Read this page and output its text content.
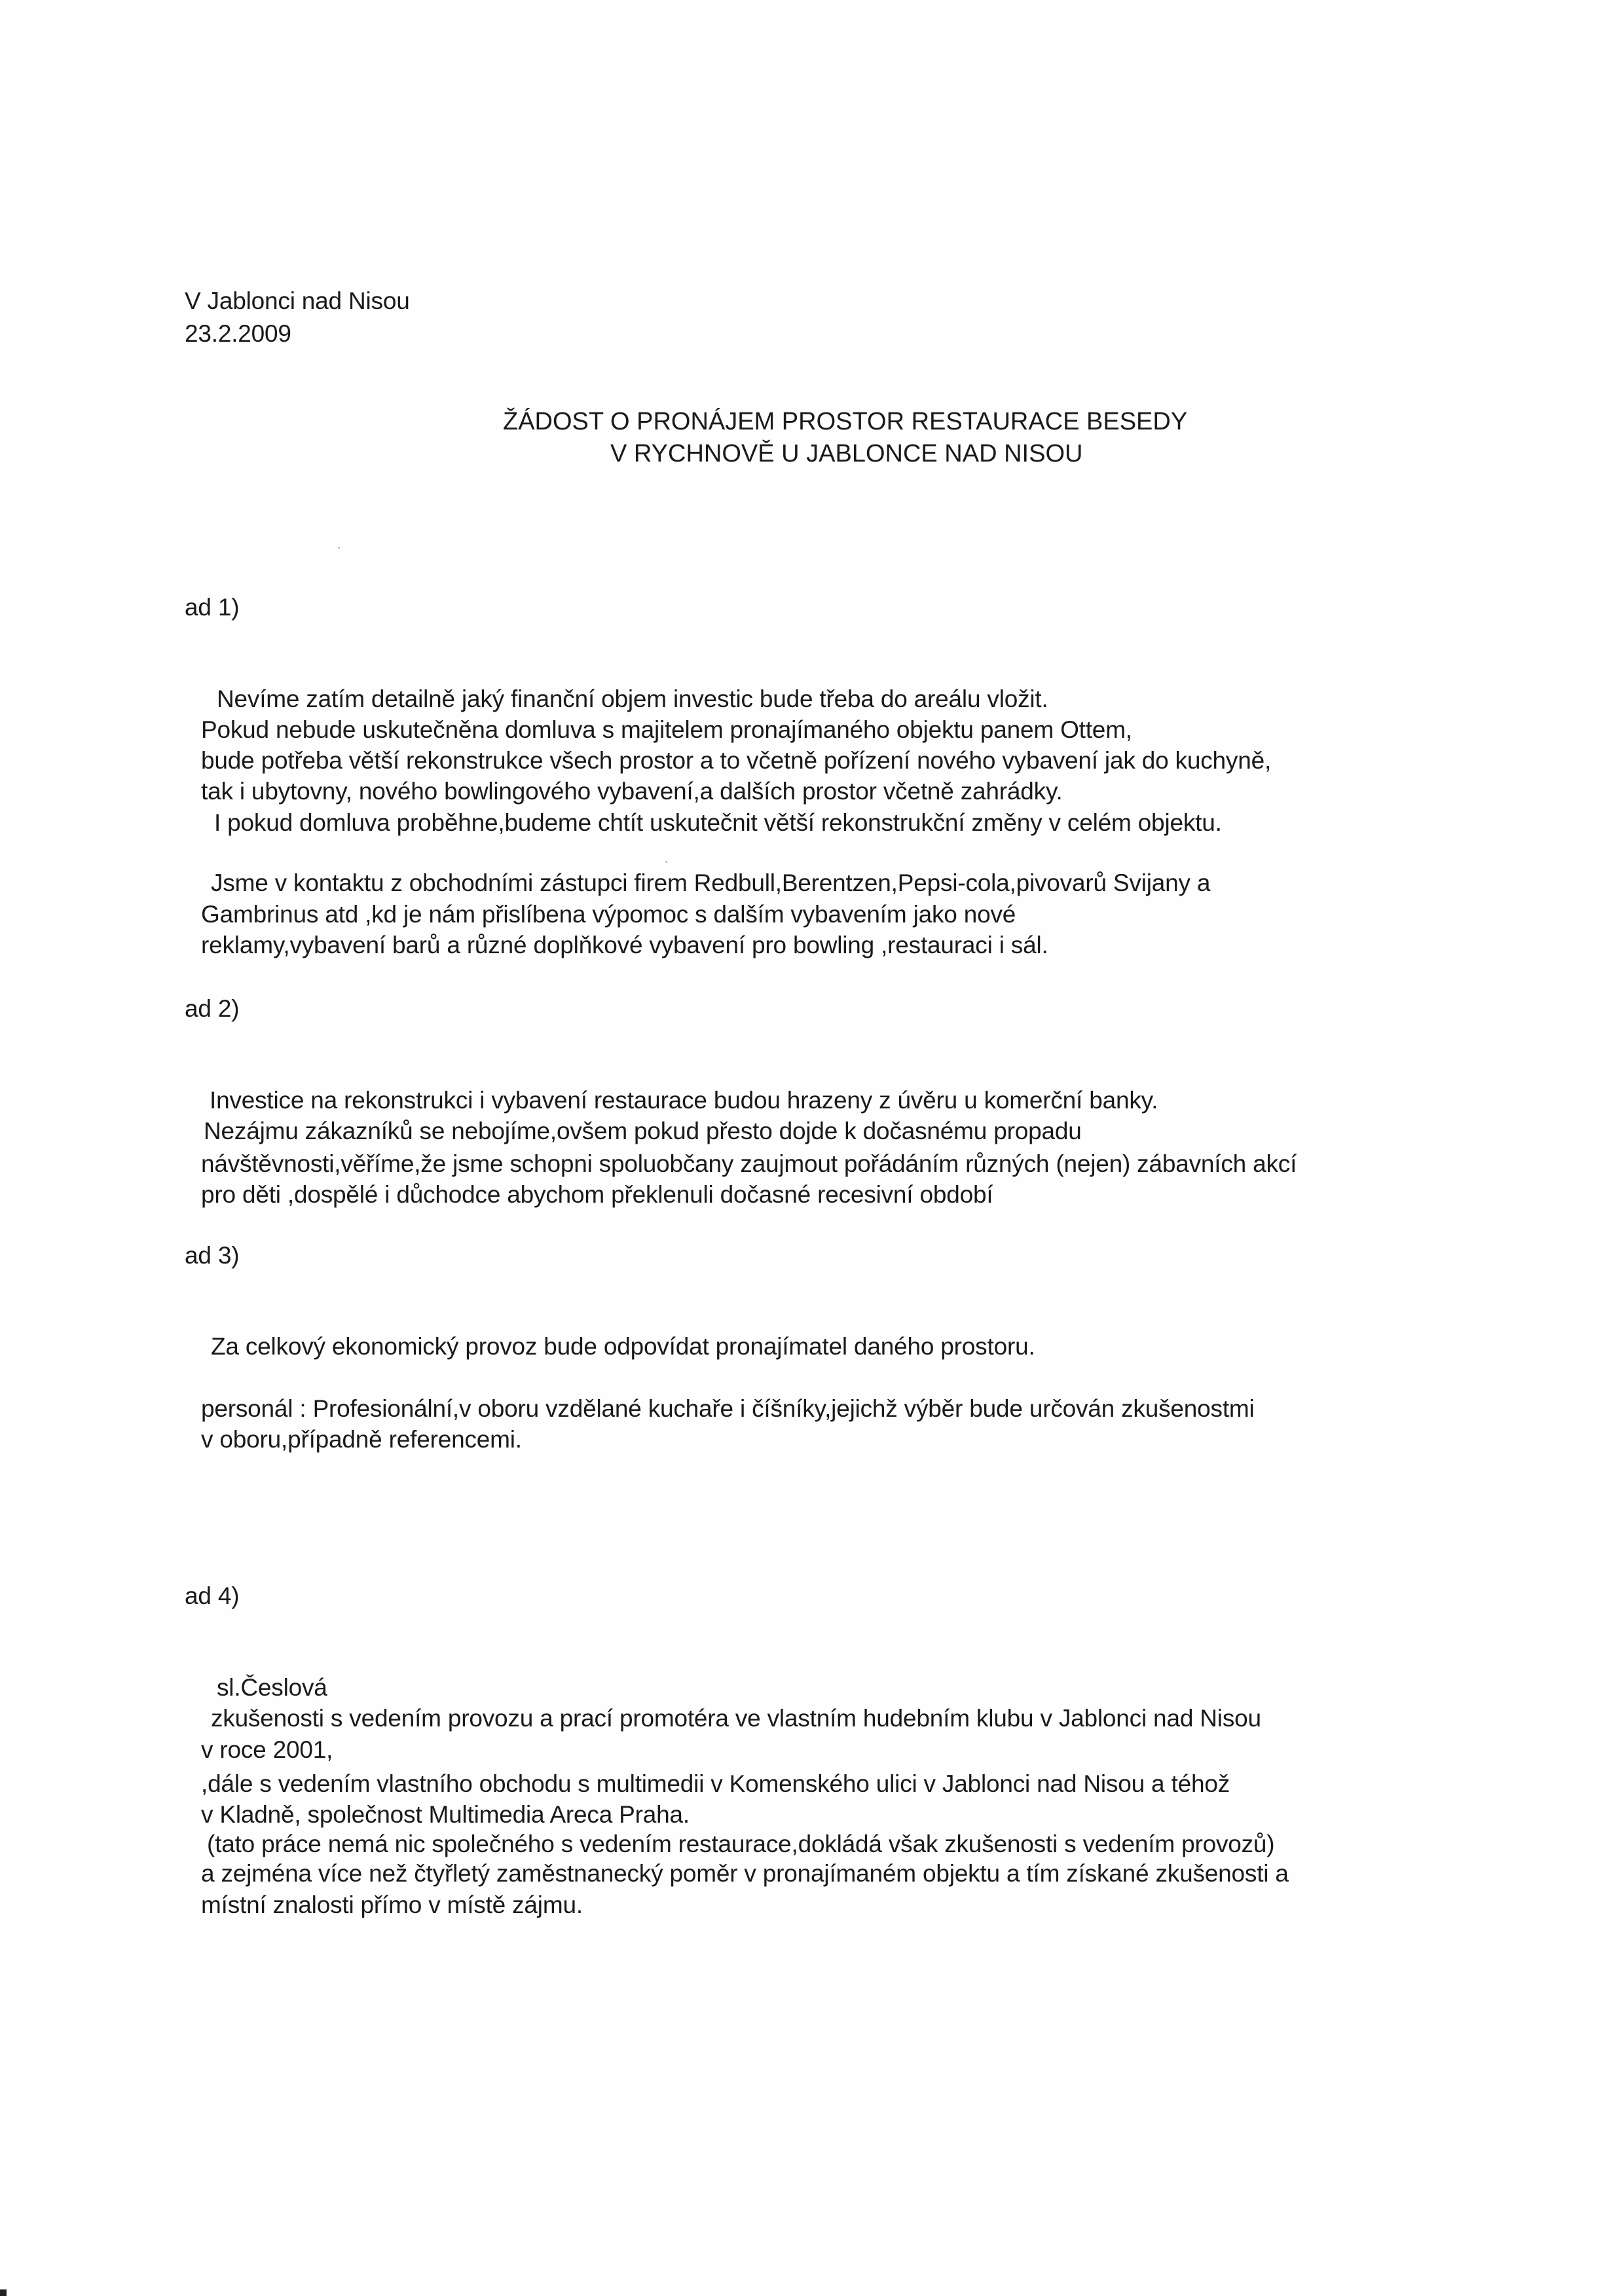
V Jablonci nad Nisou
23.2.2009
ŽÁDOST O PRONÁJEM PROSTOR RESTAURACE BESEDY
V RYCHNOVĚ U JABLONCE NAD NISOU
ad 1)
Nevíme zatím detailně jaký finanční objem investic bude třeba do areálu vložit.
Pokud nebude uskutečněna domluva s majitelem pronajímaného objektu panem Ottem,
bude potřeba větší rekonstrukce všech prostor a to včetně pořízení nového vybavení jak do kuchyně,
tak i ubytovny, nového bowlingového vybavení,a dalších prostor včetně zahrádky.
I pokud domluva proběhne,budeme chtít uskutečnit větší rekonstrukční změny v celém objektu.
Jsme v kontaktu z obchodními zástupci firem Redbull,Berentzen,Pepsi-cola,pivovarů Svijany a
Gambrinus atd ,kd je nám přislíbena výpomoc s dalším vybavením jako nové
reklamy,vybavení barů a různé doplňkové vybavení pro bowling ,restauraci i sál.
ad 2)
Investice na rekonstrukci i vybavení restaurace budou hrazeny z úvěru u komerční banky.
Nezájmu zákazníků se nebojíme,ovšem pokud přesto dojde k dočasnému propadu
návštěvnosti,věříme,že jsme schopni spoluobčany zaujmout pořádáním různých (nejen) zábavních akcí
pro děti ,dospělé i důchodce abychom překlenuli dočasné recesivní období
ad 3)
Za celkový ekonomický provoz bude odpovídat pronajímatel daného prostoru.
personál : Profesionální,v oboru vzdělané kuchaře i číšníky,jejichž výběr bude určován zkušenostmi
v oboru,případně referencemi.
ad 4)
sl.Česlová
zkušenosti s vedením provozu a prací promotéra ve vlastním hudebním klubu v Jablonci nad Nisou
v roce 2001,
,dále s vedením vlastního obchodu s multimedii v Komenského ulici v Jablonci nad Nisou a téhož
v Kladně, společnost Multimedia Areca Praha.
(tato práce nemá nic společného s vedením restaurace,dokládá však zkušenosti s vedením provozů)
a zejména více než čtyřletý zaměstnanecký poměr v pronajímaném objektu a tím získané zkušenosti a
místní znalosti přímo v místě zájmu.
